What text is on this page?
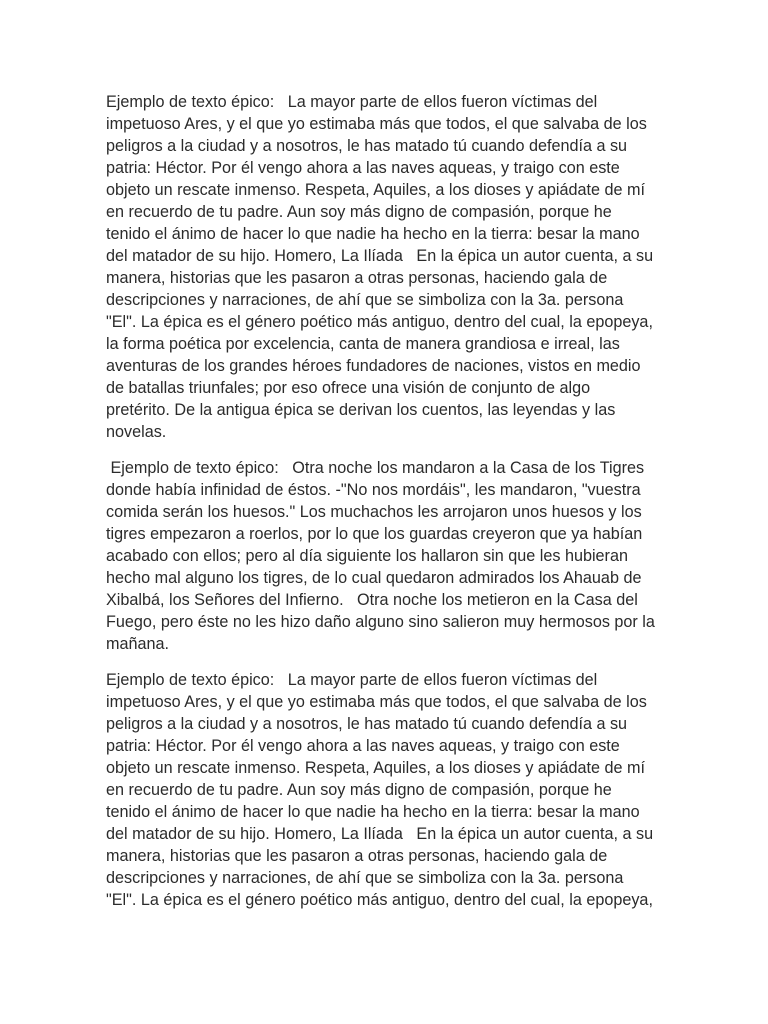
Ejemplo de texto épico:   La mayor parte de ellos fueron víctimas del

impetuoso Ares, y el que yo estimaba más que todos, el que salvaba de los

peligros a la ciudad y a nosotros, le has matado tú cuando defendía a su

patria: Héctor. Por él vengo ahora a las naves aqueas, y traigo con este

objeto un rescate inmenso. Respeta, Aquiles, a los dioses y apiádate de mí

en recuerdo de tu padre. Aun soy más digno de compasión, porque he

tenido el ánimo de hacer lo que nadie ha hecho en la tierra: besar la mano

del matador de su hijo. Homero, La Ilíada   En la épica un autor cuenta, a su

manera, historias que les pasaron a otras personas, haciendo gala de

descripciones y narraciones, de ahí que se simboliza con la 3a. persona

"El". La épica es el género poético más antiguo, dentro del cual, la epopeya,

la forma poética por excelencia, canta de manera grandiosa e irreal, las

aventuras de los grandes héroes fundadores de naciones, vistos en medio

de batallas triunfales; por eso ofrece una visión de conjunto de algo

pretérito. De la antigua épica se derivan los cuentos, las leyendas y las

novelas.

Ejemplo de texto épico:   Otra noche los mandaron a la Casa de los Tigres

donde había infinidad de éstos. -"No nos mordáis", les mandaron, "vuestra

comida serán los huesos." Los muchachos les arrojaron unos huesos y los

tigres empezaron a roerlos, por lo que los guardas creyeron que ya habían

acabado con ellos; pero al día siguiente los hallaron sin que les hubieran

hecho mal alguno los tigres, de lo cual quedaron admirados los Ahauab de

Xibalbá, los Señores del Infierno.   Otra noche los metieron en la Casa del

Fuego, pero éste no les hizo daño alguno sino salieron muy hermosos por la

mañana.

Ejemplo de texto épico:   La mayor parte de ellos fueron víctimas del

impetuoso Ares, y el que yo estimaba más que todos, el que salvaba de los

peligros a la ciudad y a nosotros, le has matado tú cuando defendía a su

patria: Héctor. Por él vengo ahora a las naves aqueas, y traigo con este

objeto un rescate inmenso. Respeta, Aquiles, a los dioses y apiádate de mí

en recuerdo de tu padre. Aun soy más digno de compasión, porque he

tenido el ánimo de hacer lo que nadie ha hecho en la tierra: besar la mano

del matador de su hijo. Homero, La Ilíada   En la épica un autor cuenta, a su

manera, historias que les pasaron a otras personas, haciendo gala de

descripciones y narraciones, de ahí que se simboliza con la 3a. persona

"El". La épica es el género poético más antiguo, dentro del cual, la epopeya,
